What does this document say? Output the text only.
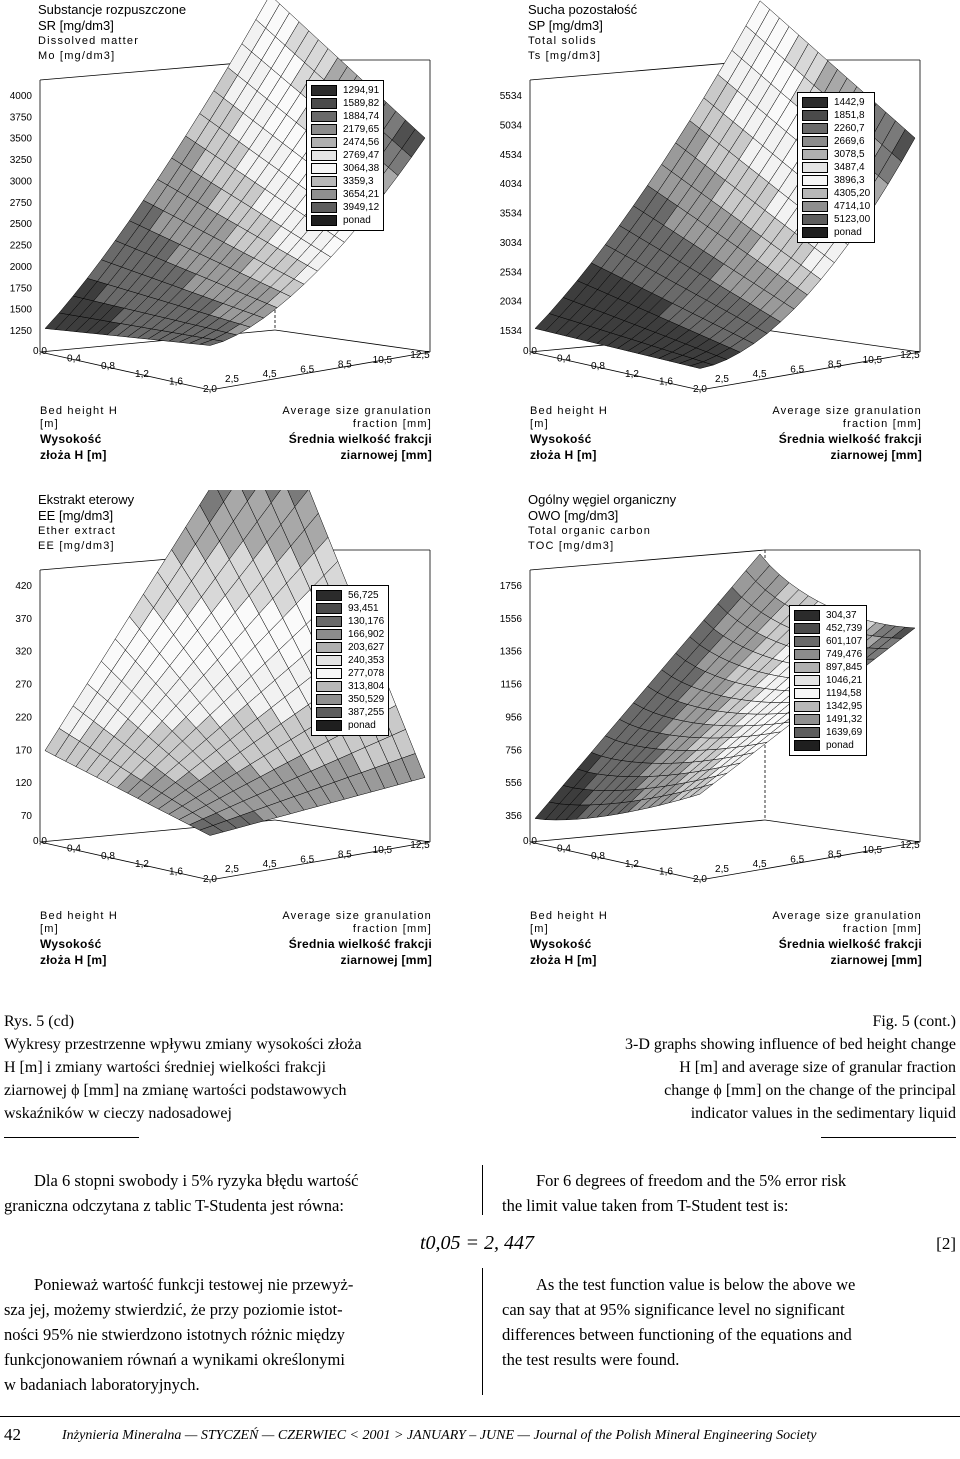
Substancje rozpuszczone
SR [mg/dm3]
Dissolved matter
Mo [mg/dm3]
4000
3750
3500
3250
3000
2750
2500
2250
2000
1750
1500
1250
0,0
0,4
0,8
1,2
1,6
2,0
2,5 4,5 6,5 8,5 10,5 12,5
Bed height H [m]
Wysokość złoża H [m]
Average size granulation fraction [mm]
Średnia wielkość frakcji ziarnowej [mm]
1294,91
1589,82
1884,74
2179,65
2474,56
2769,47
3064,38
3359,3
3654,21
3949,12
ponad
Sucha pozostałość
SP [mg/dm3]
Total solids
Ts [mg/dm3]
5534
5034
4534
4034
3534
3034
2534
2034
1534
0,0
0,4
0,8
1,2
1,6
2,0
2,5 4,5 6,5 8,5 10,5 12,5
Bed height H [m]
Wysokość złoża H [m]
Average size granulation fraction [mm]
Średnia wielkość frakcji ziarnowej [mm]
1442,9
1851,8
2260,7
2669,6
3078,5
3487,4
3896,3
4305,20
4714,10
5123,00
ponad
Ekstrakt eterowy
EE [mg/dm3]
Ether extract
EE [mg/dm3]
420
370
320
270
220
170
120
70
0,0
0,4
0,8
1,2
1,6
2,0
2,5 4,5 6,5 8,5 10,5 12,5
Bed height H [m]
Wysokość złoża H [m]
Average size granulation fraction [mm]
Średnia wielkość frakcji ziarnowej [mm]
56,725
93,451
130,176
166,902
203,627
240,353
277,078
313,804
350,529
387,255
ponad
Ogólny węgiel organiczny
OWO [mg/dm3]
Total organic carbon
TOC [mg/dm3]
1756
1556
1356
1156
956
756
556
356
0,0
0,4
0,8
1,2
1,6
2,0
2,5 4,5 6,5 8,5 10,5 12,5
Bed height H [m]
Wysokość złoża H [m]
Average size granulation fraction [mm]
Średnia wielkość frakcji ziarnowej [mm]
304,37
452,739
601,107
749,476
897,845
1046,21
1194,58
1342,95
1491,32
1639,69
ponad
Rys. 5 (cd)
Wykresy przestrzenne wpływu zmiany wysokości złoża
H [m] i zmiany wartości średniej wielkości frakcji
ziarnowej ϕ [mm] na zmianę wartości podstawowych
wskaźników w cieczy nadosadowej
Fig. 5 (cont.)
3-D graphs showing influence of bed height change
H [m] and average size of granular fraction
change ϕ [mm] on the change of the principal
indicator values in the sedimentary liquid
Dla 6 stopni swobody i 5% ryzyka błędu wartość
graniczna odczytana z tablic T-Studenta jest równa:
For 6 degrees of freedom and the 5% error risk
the limit value taken from T-Student test is:
t0,05 = 2, 447	[2]
Ponieważ wartość funkcji testowej nie przewyż-
sza jej, możemy stwierdzić, że przy poziomie istot-
ności 95% nie stwierdzono istotnych różnic między
funkcjonowaniem równań a wynikami określonymi
w badaniach laboratoryjnych.
As the test function value is below the above we
can say that at 95% significance level no significant
differences between functioning of the equations and
the test results were found.
42	Inżynieria Mineralna — STYCZEŃ — CZERWIEC < 2001 > JANUARY – JUNE — Journal of the Polish Mineral Engineering Society
